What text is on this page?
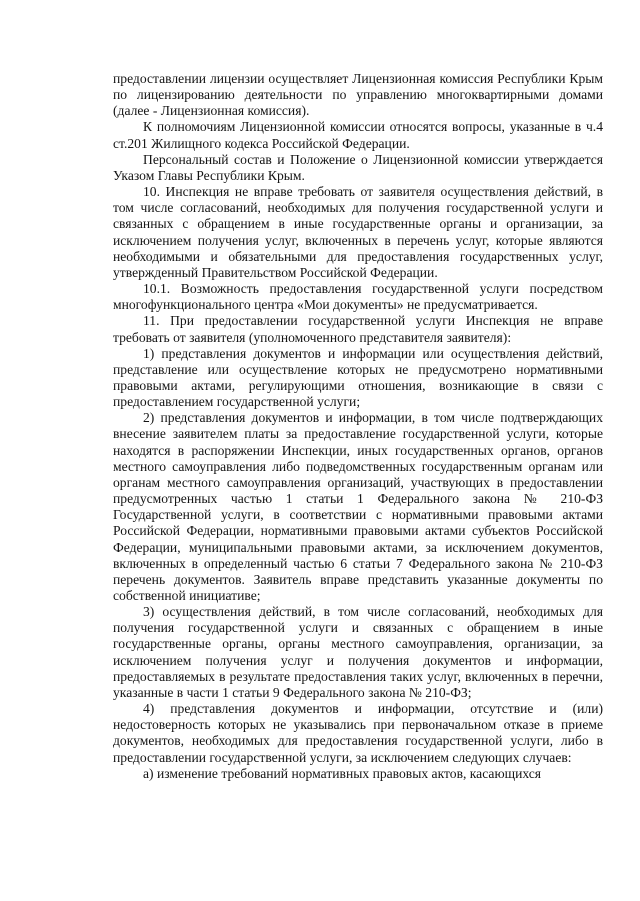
предоставлении лицензии осуществляет Лицензионная комиссия Республики Крым по лицензированию деятельности по управлению многоквартирными домами (далее - Лицензионная комиссия).

К полномочиям Лицензионной комиссии относятся вопросы, указанные в ч.4 ст.201 Жилищного кодекса Российской Федерации.

Персональный состав и Положение о Лицензионной комиссии утверждается Указом Главы Республики Крым.

10. Инспекция не вправе требовать от заявителя осуществления действий, в том числе согласований, необходимых для получения государственной услуги и связанных с обращением в иные государственные органы и организации, за исключением получения услуг, включенных в перечень услуг, которые являются необходимыми и обязательными для предоставления государственных услуг, утвержденный Правительством Российской Федерации.

10.1. Возможность предоставления государственной услуги посредством многофункционального центра «Мои документы» не предусматривается.

11. При предоставлении государственной услуги Инспекция не вправе требовать от заявителя (уполномоченного представителя заявителя):

1) представления документов и информации или осуществления действий, представление или осуществление которых не предусмотрено нормативными правовыми актами, регулирующими отношения, возникающие в связи с предоставлением государственной услуги;

2) представления документов и информации, в том числе подтверждающих внесение заявителем платы за предоставление государственной услуги, которые находятся в распоряжении Инспекции, иных государственных органов, органов местного самоуправления либо подведомственных государственным органам или органам местного самоуправления организаций, участвующих в предоставлении предусмотренных частью 1 статьи 1 Федерального закона № 210-ФЗ Государственной услуги, в соответствии с нормативными правовыми актами Российской Федерации, нормативными правовыми актами субъектов Российской Федерации, муниципальными правовыми актами, за исключением документов, включенных в определенный частью 6 статьи 7 Федерального закона № 210-ФЗ перечень документов. Заявитель вправе представить указанные документы по собственной инициативе;

3) осуществления действий, в том числе согласований, необходимых для получения государственной услуги и связанных с обращением в иные государственные органы, органы местного самоуправления, организации, за исключением получения услуг и получения документов и информации, предоставляемых в результате предоставления таких услуг, включенных в перечни, указанные в части 1 статьи 9 Федерального закона № 210-ФЗ;

4) представления документов и информации, отсутствие и (или) недостоверность которых не указывались при первоначальном отказе в приеме документов, необходимых для предоставления государственной услуги, либо в предоставлении государственной услуги, за исключением следующих случаев:

а) изменение требований нормативных правовых актов, касающихся
